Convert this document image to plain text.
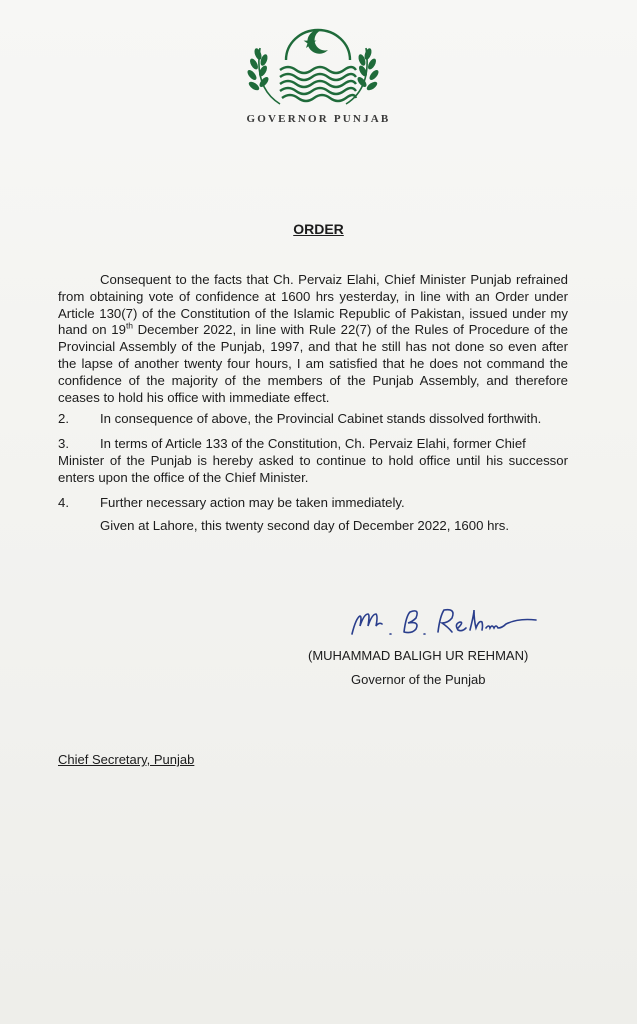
GOVERNOR PUNJAB
ORDER

Consequent to the facts that Ch. Pervaiz Elahi, Chief Minister Punjab refrained from obtaining vote of confidence at 1600 hrs yesterday, in line with an Order under Article 130(7) of the Constitution of the Islamic Republic of Pakistan, issued under my hand on 19th December 2022, in line with Rule 22(7) of the Rules of Procedure of the Provincial Assembly of the Punjab, 1997, and that he still has not done so even after the lapse of another twenty four hours, I am satisfied that he does not command the confidence of the majority of the members of the Punjab Assembly, and therefore ceases to hold his office with immediate effect.

2.	In consequence of above, the Provincial Cabinet stands dissolved forthwith.
3.	In terms of Article 133 of the Constitution, Ch. Pervaiz Elahi, former Chief

Minister of the Punjab is hereby asked to continue to hold office until his successor enters upon the office of the Chief Minister.

4.	Further necessary action may be taken immediately.

Given at Lahore, this twenty second day of December 2022, 1600 hrs.

(MUHAMMAD BALIGH UR REHMAN)
Governor of the Punjab
Chief Secretary, Punjab
